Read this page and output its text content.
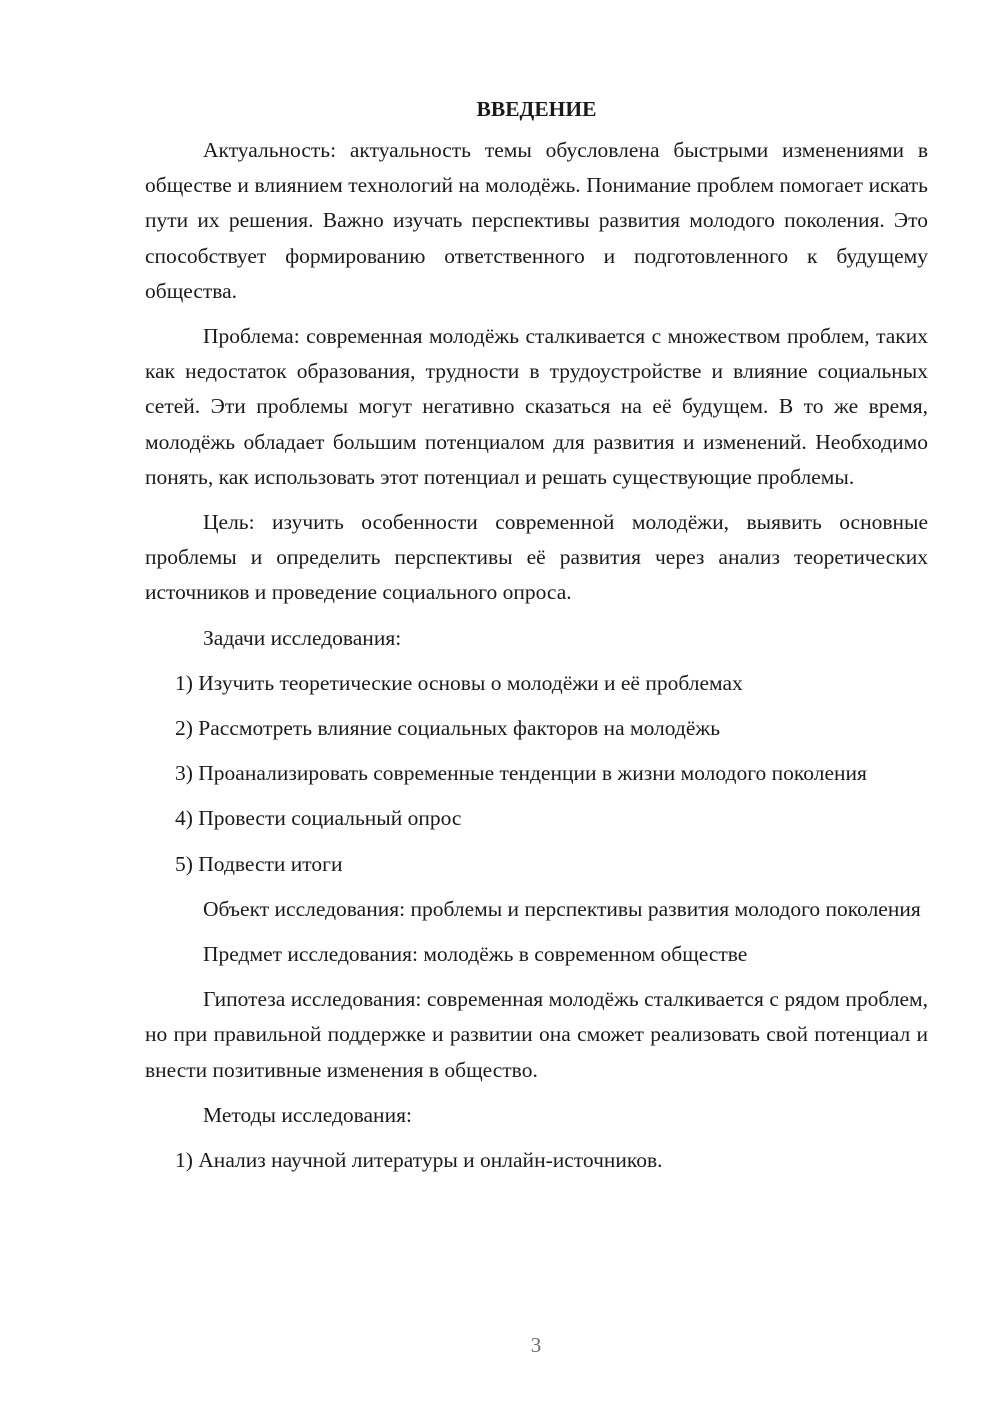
ВВЕДЕНИЕ

Актуальность: актуальность темы обусловлена быстрыми изменениями в обществе и влиянием технологий на молодёжь. Понимание проблем помогает искать пути их решения. Важно изучать перспективы развития молодого поколения. Это способствует формированию ответственного и подготовленного к будущему общества.

Проблема: современная молодёжь сталкивается с множеством проблем, таких как недостаток образования, трудности в трудоустройстве и влияние социальных сетей. Эти проблемы могут негативно сказаться на её будущем. В то же время, молодёжь обладает большим потенциалом для развития и изменений. Необходимо понять, как использовать этот потенциал и решать существующие проблемы.

Цель: изучить особенности современной молодёжи, выявить основные проблемы и определить перспективы её развития через анализ теоретических источников и проведение социального опроса.

Задачи исследования:

1) Изучить теоретические основы о молодёжи и её проблемах

2) Рассмотреть влияние социальных факторов на молодёжь

3) Проанализировать современные тенденции в жизни молодого поколения

4) Провести социальный опрос

5) Подвести итоги

Объект исследования: проблемы и перспективы развития молодого поколения

Предмет исследования: молодёжь в современном обществе

Гипотеза исследования: современная молодёжь сталкивается с рядом проблем, но при правильной поддержке и развитии она сможет реализовать свой потенциал и внести позитивные изменения в общество.

Методы исследования:

1) Анализ научной литературы и онлайн-источников.

3
